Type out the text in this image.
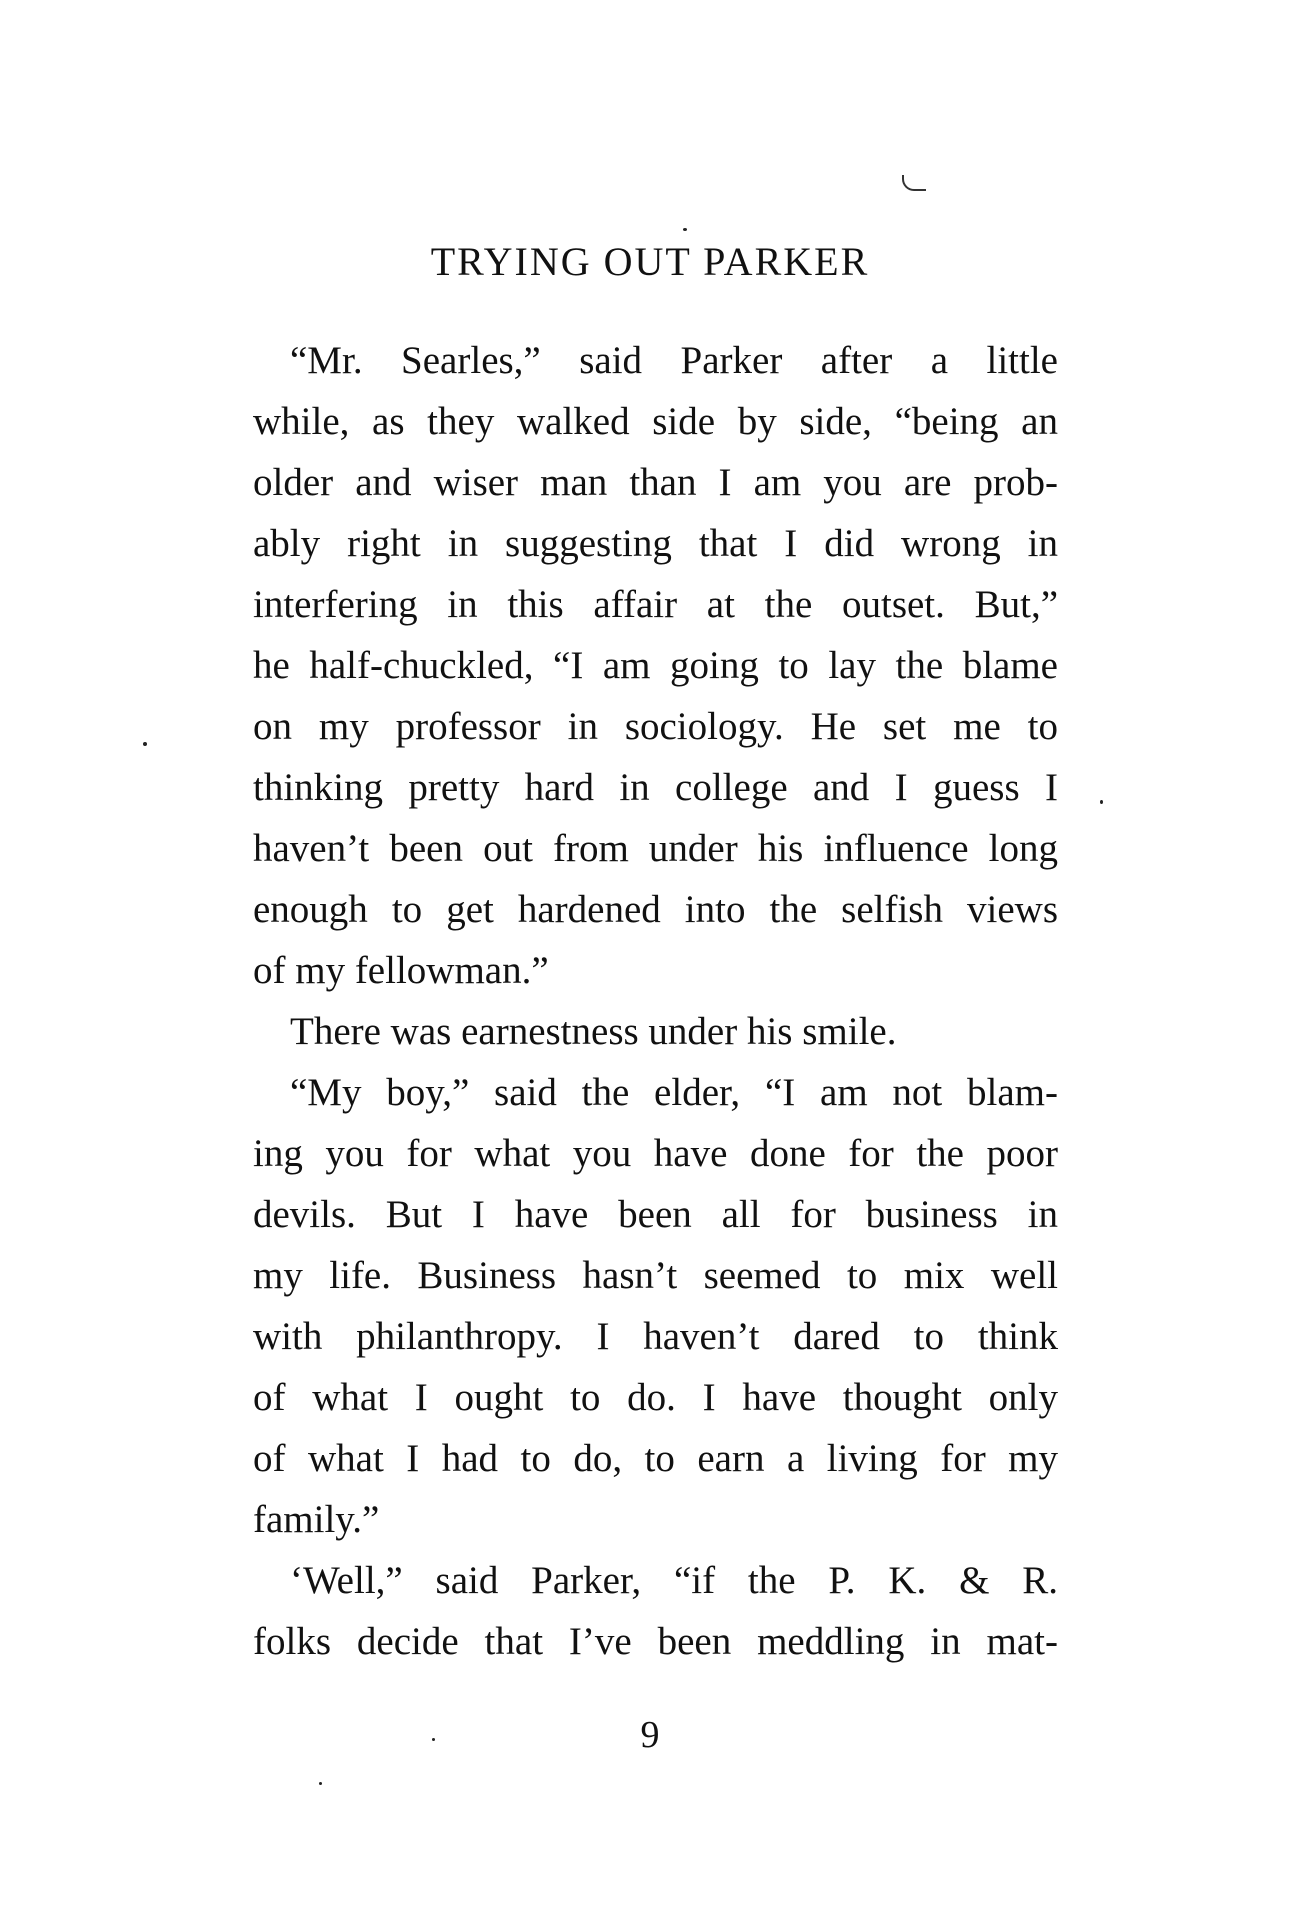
TRYING OUT PARKER
“Mr. Searles,” said Parker after a little
while, as they walked side by side, “being an
older and wiser man than I am you are prob-
ably right in suggesting that I did wrong in
interfering in this affair at the outset. But,”
he half-chuckled, “I am going to lay the blame
on my professor in sociology. He set me to
thinking pretty hard in college and I guess I
haven’t been out from under his influence long
enough to get hardened into the selfish views
of my fellowman.”
There was earnestness under his smile.
“My boy,” said the elder, “I am not blam-
ing you for what you have done for the poor
devils. But I have been all for business in
my life. Business hasn’t seemed to mix well
with philanthropy. I haven’t dared to think
of what I ought to do. I have thought only
of what I had to do, to earn a living for my
family.”
‘Well,” said Parker, “if the P. K. & R.
folks decide that I’ve been meddling in mat-
9
